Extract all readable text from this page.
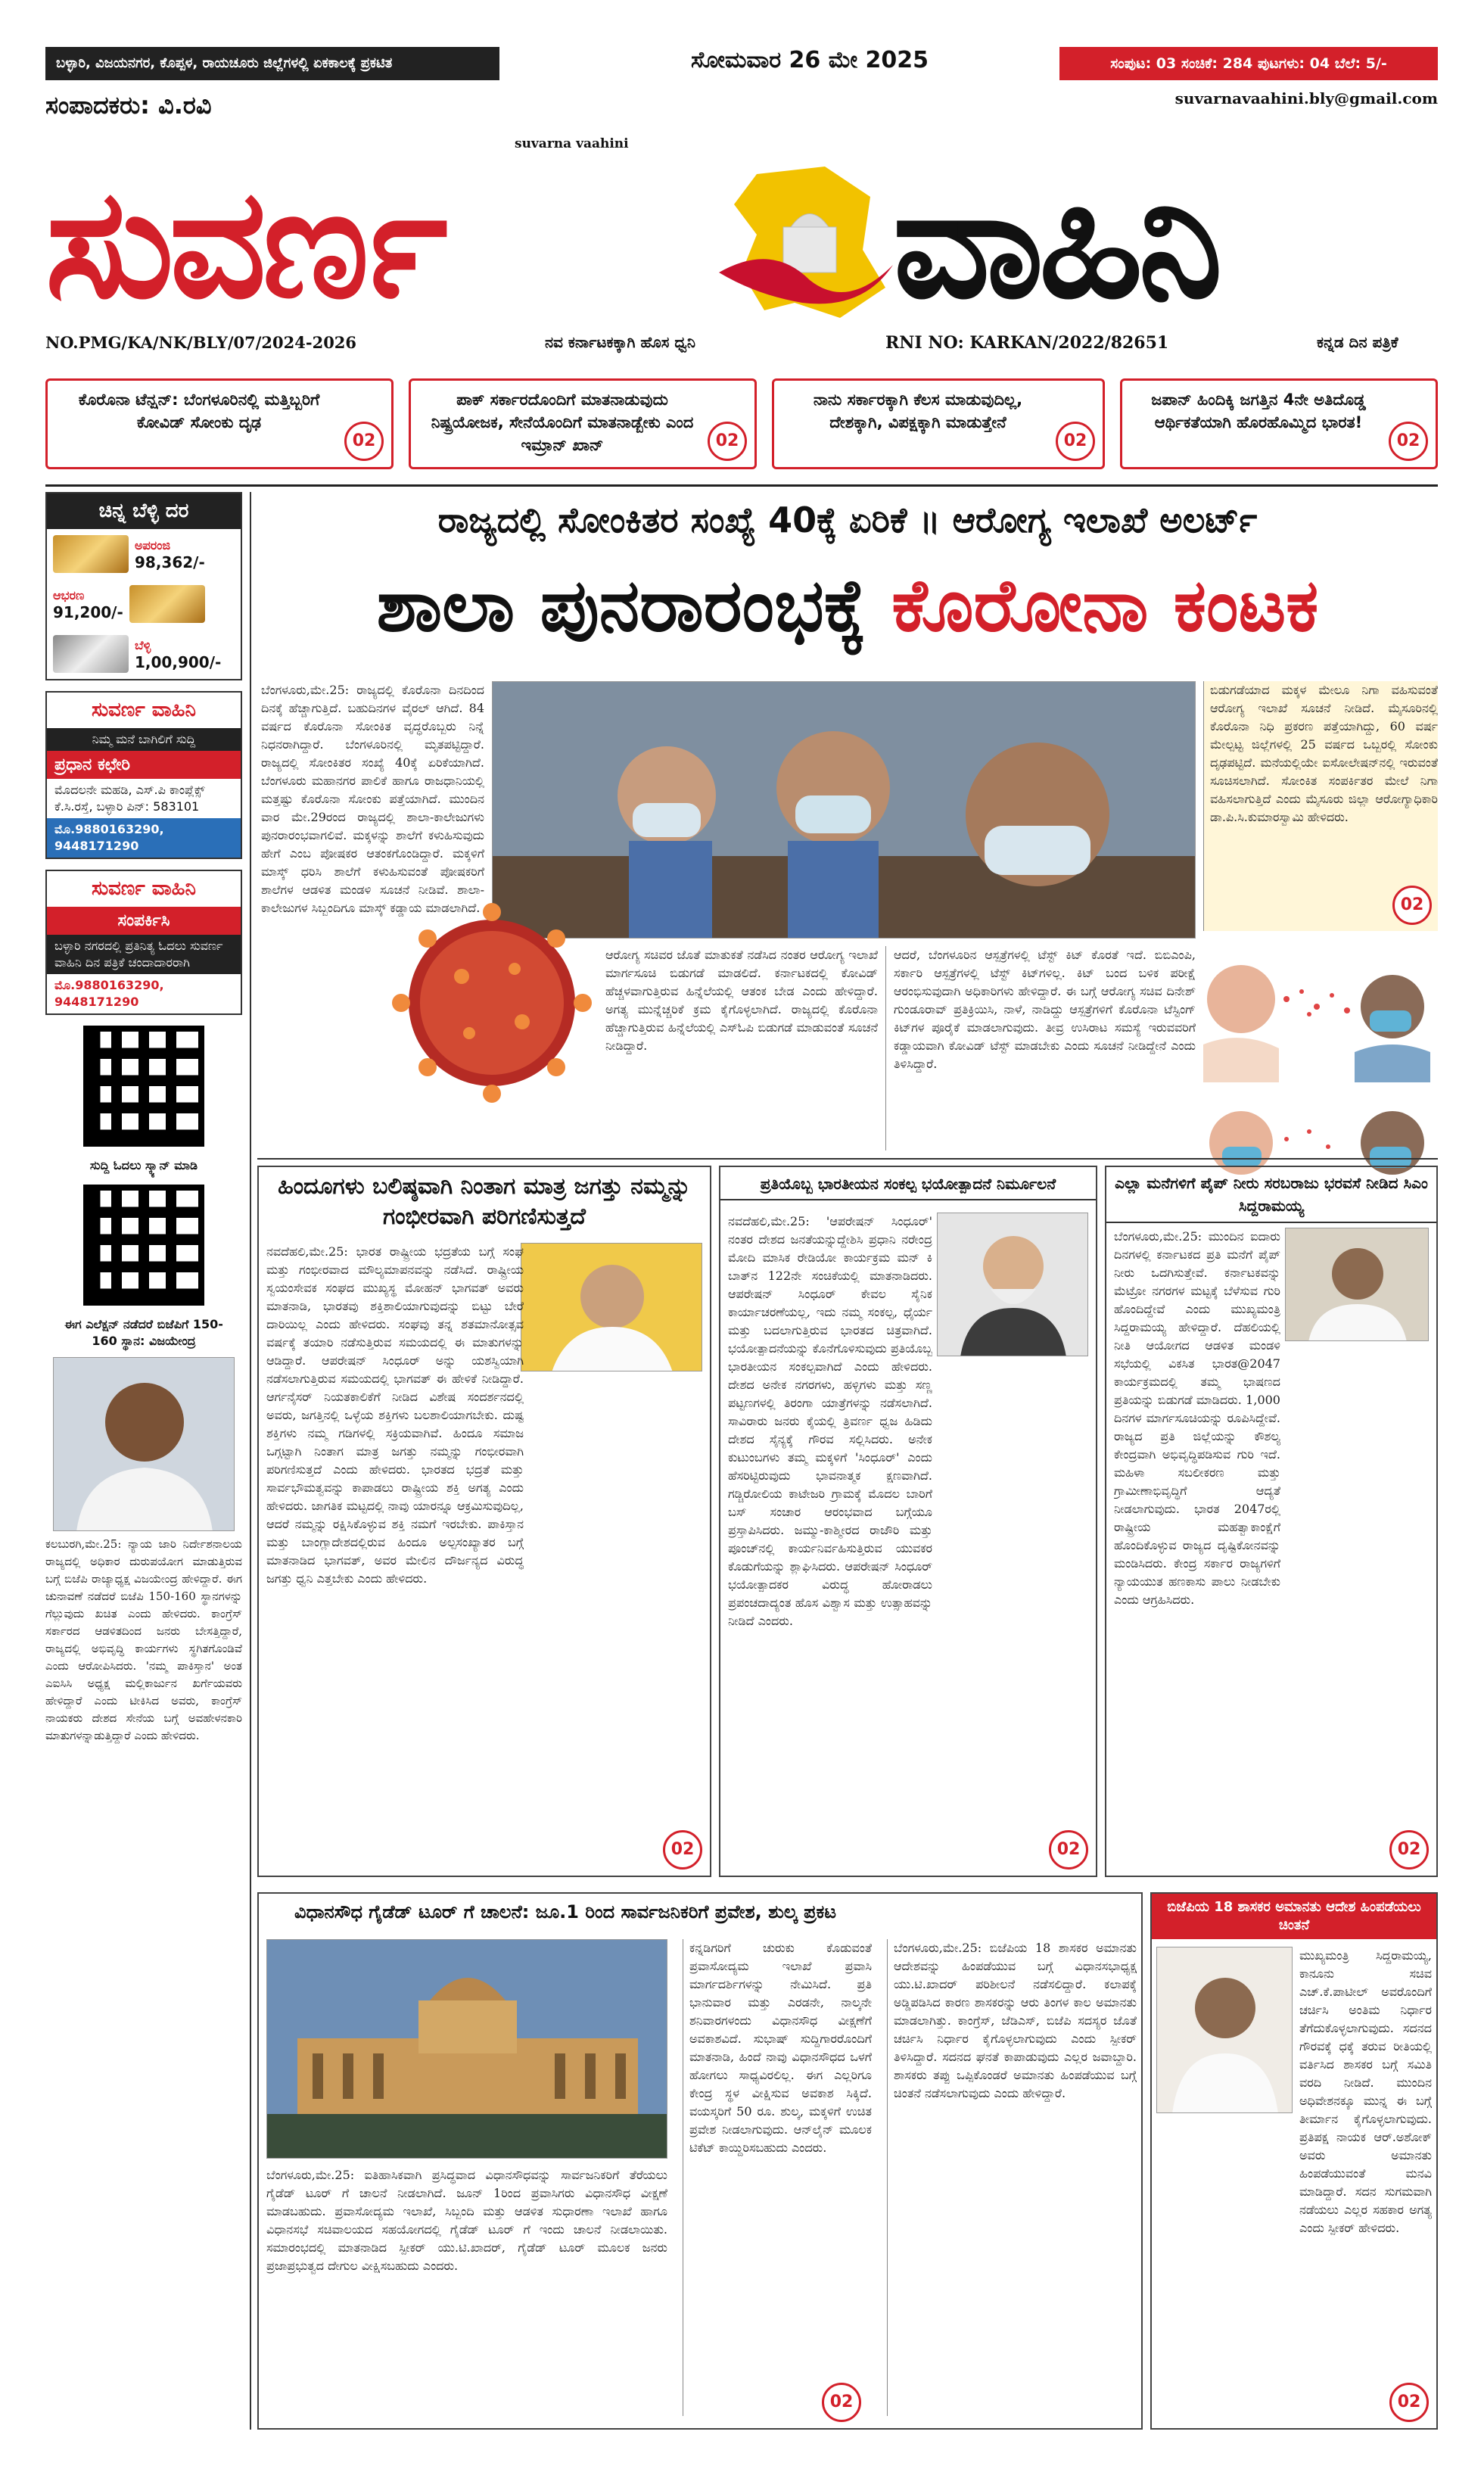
ಬಳ್ಳಾರಿ, ವಿಜಯನಗರ, ಕೊಪ್ಪಳ, ರಾಯಚೂರು ಜಿಲ್ಲೆಗಳಲ್ಲಿ ಏಕಕಾಲಕ್ಕೆ ಪ್ರಕಟಿತ	ಸೋಮವಾರ 26 ಮೇ 2025	ಸಂಪುಟ: 03 ಸಂಚಿಕೆ: 284 ಪುಟಗಳು: 04 ಬೆಲೆ: 5/-
suvarnavaahini.bly@gmail.com
ಸಂಪಾದಕರು: ವಿ.ರವಿ
suvarna vaahini
ಸುವರ್ಣ	ವಾಹಿನಿ
NO.PMG/KA/NK/BLY/07/2024-2026	ನವ ಕರ್ನಾಟಕಕ್ಕಾಗಿ ಹೊಸ ಧ್ವನಿ	RNI NO: KARKAN/2022/82651	ಕನ್ನಡ ದಿನ ಪತ್ರಿಕೆ
ಕೊರೊನಾ ಟೆನ್ಷನ್: ಬೆಂಗಳೂರಿನಲ್ಲಿ ಮತ್ತಿಬ್ಬರಿಗೆ ಕೋವಿಡ್ ಸೋಂಕು ದೃಢ
02
ಪಾಕ್ ಸರ್ಕಾರದೊಂದಿಗೆ ಮಾತನಾಡುವುದು ನಿಷ್ಪ್ರಯೋಜಕ, ಸೇನೆಯೊಂದಿಗೆ ಮಾತನಾಡ್ಬೇಕು ಎಂದ ಇಮ್ರಾನ್ ಖಾನ್	02
ನಾನು ಸರ್ಕಾರಕ್ಕಾಗಿ ಕೆಲಸ ಮಾಡುವುದಿಲ್ಲ, ದೇಶಕ್ಕಾಗಿ, ವಿಪಕ್ಷಕ್ಕಾಗಿ ಮಾಡುತ್ತೇನೆ
02
ಜಪಾನ್ ಹಿಂದಿಕ್ಕಿ ಜಗತ್ತಿನ 4ನೇ ಅತಿದೊಡ್ಡ ಆರ್ಥಿಕತೆಯಾಗಿ ಹೊರಹೊಮ್ಮಿದ ಭಾರತ!
02
ಚಿನ್ನ ಬೆಳ್ಳಿ ದರ
ಅಪರಂಜಿ
98,362/-
ಆಭರಣ
91,200/-
ಬೆಳ್ಳಿ
1,00,900/-
ಸುವರ್ಣ ವಾಹಿನಿ
ನಿಮ್ಮ ಮನೆ ಬಾಗಿಲಿಗೆ ಸುದ್ದಿ
ಪ್ರಧಾನ ಕಛೇರಿ
ಮೊದಲನೇ ಮಹಡಿ, ಎಸ್.ಪಿ ಕಾಂಪ್ಲೆಕ್ಸ್ ಕೆ.ಸಿ.ರಸ್ತೆ, ಬಳ್ಳಾರಿ ಪಿನ್: 583101
ಮೊ.9880163290, 9448171290
ಸುವರ್ಣ ವಾಹಿನಿ
ಸಂಪರ್ಕಿಸಿ
ಬಳ್ಳಾರಿ ನಗರದಲ್ಲಿ ಪ್ರತಿನಿತ್ಯ ಓದಲು ಸುವರ್ಣ ವಾಹಿನಿ ದಿನ ಪತ್ರಿಕೆ ಚಂದಾದಾರರಾಗಿ
ಮೊ.9880163290, 9448171290
ಸುದ್ದಿ ಓದಲು ಸ್ಕ್ಯಾನ್ ಮಾಡಿ
ಈಗ ಎಲೆಕ್ಷನ್ ನಡೆದರೆ ಬಿಜೆಪಿಗೆ 150-160 ಸ್ಥಾನ: ವಿಜಯೇಂದ್ರ
ಕಲಬುರಗಿ,ಮೇ.25: ನ್ಯಾಯ ಜಾರಿ ನಿರ್ದೇಶನಾಲಯ ರಾಜ್ಯದಲ್ಲಿ ಅಧಿಕಾರ ದುರುಪಯೋಗ ಮಾಡುತ್ತಿರುವ ಬಗ್ಗೆ ಬಿಜೆಪಿ ರಾಜ್ಯಾಧ್ಯಕ್ಷ ವಿಜಯೇಂದ್ರ ಹೇಳಿದ್ದಾರೆ. ಈಗ ಚುನಾವಣೆ ನಡೆದರೆ ಬಿಜೆಪಿ 150-160 ಸ್ಥಾನಗಳನ್ನು ಗೆಲ್ಲುವುದು ಖಚಿತ ಎಂದು ಹೇಳಿದರು. ಕಾಂಗ್ರೆಸ್ ಸರ್ಕಾರದ ಆಡಳಿತದಿಂದ ಜನರು ಬೇಸತ್ತಿದ್ದಾರೆ, ರಾಜ್ಯದಲ್ಲಿ ಅಭಿವೃದ್ಧಿ ಕಾರ್ಯಗಳು ಸ್ಥಗಿತಗೊಂಡಿವೆ ಎಂದು ಆರೋಪಿಸಿದರು. 'ನಮ್ಮ ಪಾಕಿಸ್ತಾನ' ಅಂತ ಎಐಸಿಸಿ ಅಧ್ಯಕ್ಷ ಮಲ್ಲಿಕಾರ್ಜುನ ಖರ್ಗೆಯವರು ಹೇಳಿದ್ದಾರೆ ಎಂದು ಟೀಕಿಸಿದ ಅವರು, ಕಾಂಗ್ರೆಸ್ ನಾಯಕರು ದೇಶದ ಸೇನೆಯ ಬಗ್ಗೆ ಅವಹೇಳನಕಾರಿ ಮಾತುಗಳನ್ನಾಡುತ್ತಿದ್ದಾರೆ ಎಂದು ಹೇಳಿದರು.
ರಾಜ್ಯದಲ್ಲಿ ಸೋಂಕಿತರ ಸಂಖ್ಯೆ 40ಕ್ಕೆ ಏರಿಕೆ ॥ ಆರೋಗ್ಯ ಇಲಾಖೆ ಅಲರ್ಟ್
ಶಾಲಾ ಪುನರಾರಂಭಕ್ಕೆ ಕೊರೋನಾ ಕಂಟಕ
ಬೆಂಗಳೂರು,ಮೇ.25: ರಾಜ್ಯದಲ್ಲಿ ಕೊರೊನಾ ದಿನದಿಂದ ದಿನಕ್ಕೆ ಹೆಚ್ಚಾಗುತ್ತಿದೆ. ಬಹುದಿನಗಳ ವೈರಲ್ ಆಗಿದೆ. 84 ವರ್ಷದ ಕೊರೊನಾ ಸೋಂಕಿತ ವೃದ್ಧರೊಬ್ಬರು ನಿನ್ನೆ ನಿಧನರಾಗಿದ್ದಾರೆ. ಬೆಂಗಳೂರಿನಲ್ಲಿ ಮೃತಪಟ್ಟಿದ್ದಾರೆ. ರಾಜ್ಯದಲ್ಲಿ ಸೋಂಕಿತರ ಸಂಖ್ಯೆ 40ಕ್ಕೆ ಏರಿಕೆಯಾಗಿದೆ. ಬೆಂಗಳೂರು ಮಹಾನಗರ ಪಾಲಿಕೆ ಹಾಗೂ ರಾಜಧಾನಿಯಲ್ಲಿ ಮತ್ತಷ್ಟು ಕೊರೊನಾ ಸೋಂಕು ಪತ್ತೆಯಾಗಿದೆ. ಮುಂದಿನ ವಾರ ಮೇ.29ರಂದ ರಾಜ್ಯದಲ್ಲಿ ಶಾಲಾ-ಕಾಲೇಜುಗಳು ಪುನರಾರಂಭವಾಗಲಿವೆ. ಮಕ್ಕಳನ್ನು ಶಾಲೆಗೆ ಕಳುಹಿಸುವುದು ಹೇಗೆ ಎಂಬ ಪೋಷಕರ ಆತಂಕಗೊಂಡಿದ್ದಾರೆ. ಮಕ್ಕಳಿಗೆ ಮಾಸ್ಕ್ ಧರಿಸಿ ಶಾಲೆಗೆ ಕಳುಹಿಸುವಂತೆ ಪೋಷಕರಿಗೆ ಶಾಲೆಗಳ ಆಡಳಿತ ಮಂಡಳಿ ಸೂಚನೆ ನೀಡಿವೆ. ಶಾಲಾ-ಕಾಲೇಜುಗಳ ಸಿಬ್ಬಂದಿಗೂ ಮಾಸ್ಕ್ ಕಡ್ಡಾಯ ಮಾಡಲಾಗಿದೆ.
ಆರೋಗ್ಯ ಸಚಿವರ ಜೊತೆ ಮಾತುಕತೆ ನಡೆಸಿದ ನಂತರ ಆರೋಗ್ಯ ಇಲಾಖೆ ಮಾರ್ಗಸೂಚಿ ಬಿಡುಗಡೆ ಮಾಡಲಿದೆ. ಕರ್ನಾಟಕದಲ್ಲಿ ಕೋವಿಡ್ ಹೆಚ್ಚಳವಾಗುತ್ತಿರುವ ಹಿನ್ನೆಲೆಯಲ್ಲಿ ಆತಂಕ ಬೇಡ ಎಂದು ಹೇಳಿದ್ದಾರೆ. ಅಗತ್ಯ ಮುನ್ನೆಚ್ಚರಿಕೆ ಕ್ರಮ ಕೈಗೊಳ್ಳಲಾಗಿದೆ. ರಾಜ್ಯದಲ್ಲಿ ಕೊರೊನಾ ಹೆಚ್ಚಾಗುತ್ತಿರುವ ಹಿನ್ನೆಲೆಯಲ್ಲಿ ಎಸ್ಓಪಿ ಬಿಡುಗಡೆ ಮಾಡುವಂತೆ ಸೂಚನೆ ನೀಡಿದ್ದಾರೆ.
ಆದರೆ, ಬೆಂಗಳೂರಿನ ಆಸ್ಪತ್ರೆಗಳಲ್ಲಿ ಟೆಸ್ಟ್ ಕಿಟ್ ಕೊರತೆ ಇದೆ. ಬಿಬಿಎಂಪಿ, ಸರ್ಕಾರಿ ಆಸ್ಪತ್ರೆಗಳಲ್ಲಿ ಟೆಸ್ಟ್ ಕಿಟ್‌ಗಳಿಲ್ಲ. ಕಿಟ್ ಬಂದ ಬಳಿಕ ಪರೀಕ್ಷೆ ಆರಂಭಿಸುವುದಾಗಿ ಅಧಿಕಾರಿಗಳು ಹೇಳಿದ್ದಾರೆ. ಈ ಬಗ್ಗೆ ಆರೋಗ್ಯ ಸಚಿವ ದಿನೇಶ್ ಗುಂಡೂರಾವ್ ಪ್ರತಿಕ್ರಿಯಿಸಿ, ನಾಳೆ, ನಾಡಿದ್ದು ಆಸ್ಪತ್ರೆಗಳಿಗೆ ಕೊರೊನಾ ಟೆಸ್ಟಿಂಗ್ ಕಿಟ್‌ಗಳ ಪೂರೈಕೆ ಮಾಡಲಾಗುವುದು. ತೀವ್ರ ಉಸಿರಾಟ ಸಮಸ್ಯೆ ಇರುವವರಿಗೆ ಕಡ್ಡಾಯವಾಗಿ ಕೋವಿಡ್ ಟೆಸ್ಟ್ ಮಾಡಬೇಕು ಎಂದು ಸೂಚನೆ ನೀಡಿದ್ದೇನೆ ಎಂದು ತಿಳಿಸಿದ್ದಾರೆ.
ಬಿಡುಗಡೆಯಾದ ಮಕ್ಕಳ ಮೇಲೂ ನಿಗಾ ವಹಿಸುವಂತೆ ಆರೋಗ್ಯ ಇಲಾಖೆ ಸೂಚನೆ ನೀಡಿದೆ. ಮೈಸೂರಿನಲ್ಲಿ ಕೊರೊನಾ ನಿಧಿ ಪ್ರಕರಣ ಪತ್ತೆಯಾಗಿದ್ದು, 60 ವರ್ಷ ಮೇಲ್ಪಟ್ಟ ಜಿಲ್ಲೆಗಳಲ್ಲಿ 25 ವರ್ಷದ ಒಬ್ಬರಲ್ಲಿ ಸೋಂಕು ದೃಢಪಟ್ಟಿದೆ. ಮನೆಯಲ್ಲಿಯೇ ಐಸೋಲೇಷನ್‌ನಲ್ಲಿ ಇರುವಂತೆ ಸೂಚಿಸಲಾಗಿದೆ. ಸೋಂಕಿತ ಸಂಪರ್ಕಿತರ ಮೇಲೆ ನಿಗಾ ವಹಿಸಲಾಗುತ್ತಿದೆ ಎಂದು ಮೈಸೂರು ಜಿಲ್ಲಾ ಆರೋಗ್ಯಾಧಿಕಾರಿ ಡಾ.ಪಿ.ಸಿ.ಕುಮಾರಸ್ವಾಮಿ ಹೇಳಿದರು.
02
ಹಿಂದೂಗಳು ಬಲಿಷ್ಠವಾಗಿ ನಿಂತಾಗ ಮಾತ್ರ ಜಗತ್ತು ನಮ್ಮನ್ನು ಗಂಭೀರವಾಗಿ ಪರಿಗಣಿಸುತ್ತದೆ
ನವದೆಹಲಿ,ಮೇ.25: ಭಾರತ ರಾಷ್ಟ್ರೀಯ ಭದ್ರತೆಯ ಬಗ್ಗೆ ಸಂಘ ಮತ್ತು ಗಂಭೀರವಾದ ಮೌಲ್ಯಮಾಪನವನ್ನು ನಡೆಸಿದೆ. ರಾಷ್ಟ್ರೀಯ ಸ್ವಯಂಸೇವಕ ಸಂಘದ ಮುಖ್ಯಸ್ಥ ಮೋಹನ್ ಭಾಗವತ್ ಅವರು ಮಾತನಾಡಿ, ಭಾರತವು ಶಕ್ತಿಶಾಲಿಯಾಗುವುದನ್ನು ಬಿಟ್ಟು ಬೇರೆ ದಾರಿಯಿಲ್ಲ ಎಂದು ಹೇಳಿದರು. ಸಂಘವು ತನ್ನ ಶತಮಾನೋತ್ಸವ ವರ್ಷಕ್ಕೆ ತಯಾರಿ ನಡೆಸುತ್ತಿರುವ ಸಮಯದಲ್ಲಿ ಈ ಮಾತುಗಳನ್ನು ಆಡಿದ್ದಾರೆ. ಆಪರೇಷನ್ ಸಿಂಧೂರ್ ಅನ್ನು ಯಶಸ್ವಿಯಾಗಿ ನಡೆಸಲಾಗುತ್ತಿರುವ ಸಮಯದಲ್ಲಿ ಭಾಗವತ್ ಈ ಹೇಳಿಕೆ ನೀಡಿದ್ದಾರೆ. ಆರ್ಗನೈಸರ್ ನಿಯತಕಾಲಿಕೆಗೆ ನೀಡಿದ ವಿಶೇಷ ಸಂದರ್ಶನದಲ್ಲಿ ಅವರು, ಜಗತ್ತಿನಲ್ಲಿ ಒಳ್ಳೆಯ ಶಕ್ತಿಗಳು ಬಲಶಾಲಿಯಾಗಬೇಕು. ದುಷ್ಟ ಶಕ್ತಿಗಳು ನಮ್ಮ ಗಡಿಗಳಲ್ಲಿ ಸಕ್ರಿಯವಾಗಿವೆ. ಹಿಂದೂ ಸಮಾಜ ಒಗ್ಗಟ್ಟಾಗಿ ನಿಂತಾಗ ಮಾತ್ರ ಜಗತ್ತು ನಮ್ಮನ್ನು ಗಂಭೀರವಾಗಿ ಪರಿಗಣಿಸುತ್ತದೆ ಎಂದು ಹೇಳಿದರು. ಭಾರತದ ಭದ್ರತೆ ಮತ್ತು ಸಾರ್ವಭೌಮತ್ವವನ್ನು ಕಾಪಾಡಲು ರಾಷ್ಟ್ರೀಯ ಶಕ್ತಿ ಅಗತ್ಯ ಎಂದು ಹೇಳಿದರು. ಜಾಗತಿಕ ಮಟ್ಟದಲ್ಲಿ ನಾವು ಯಾರನ್ನೂ ಆಕ್ರಮಿಸುವುದಿಲ್ಲ, ಆದರೆ ನಮ್ಮನ್ನು ರಕ್ಷಿಸಿಕೊಳ್ಳುವ ಶಕ್ತಿ ನಮಗೆ ಇರಬೇಕು. ಪಾಕಿಸ್ತಾನ ಮತ್ತು ಬಾಂಗ್ಲಾದೇಶದಲ್ಲಿರುವ ಹಿಂದೂ ಅಲ್ಪಸಂಖ್ಯಾತರ ಬಗ್ಗೆ ಮಾತನಾಡಿದ ಭಾಗವತ್, ಅವರ ಮೇಲಿನ ದೌರ್ಜನ್ಯದ ವಿರುದ್ಧ ಜಗತ್ತು ಧ್ವನಿ ಎತ್ತಬೇಕು ಎಂದು ಹೇಳಿದರು.
02
ಪ್ರತಿಯೊಬ್ಬ ಭಾರತೀಯನ ಸಂಕಲ್ಪ ಭಯೋತ್ಪಾದನೆ ನಿರ್ಮೂಲನೆ
ನವದೆಹಲಿ,ಮೇ.25: 'ಆಪರೇಷನ್ ಸಿಂಧೂರ್' ನಂತರ ದೇಶದ ಜನತೆಯನ್ನುದ್ದೇಶಿಸಿ ಪ್ರಧಾನಿ ನರೇಂದ್ರ ಮೋದಿ ಮಾಸಿಕ ರೇಡಿಯೋ ಕಾರ್ಯಕ್ರಮ ಮನ್ ಕಿ ಬಾತ್‌ನ 122ನೇ ಸಂಚಿಕೆಯಲ್ಲಿ ಮಾತನಾಡಿದರು. ಆಪರೇಷನ್ ಸಿಂಧೂರ್ ಕೇವಲ ಸೈನಿಕ ಕಾರ್ಯಾಚರಣೆಯಲ್ಲ, ಇದು ನಮ್ಮ ಸಂಕಲ್ಪ, ಧೈರ್ಯ ಮತ್ತು ಬದಲಾಗುತ್ತಿರುವ ಭಾರತದ ಚಿತ್ರವಾಗಿದೆ. ಭಯೋತ್ಪಾದನೆಯನ್ನು ಕೊನೆಗೊಳಿಸುವುದು ಪ್ರತಿಯೊಬ್ಬ ಭಾರತೀಯನ ಸಂಕಲ್ಪವಾಗಿದೆ ಎಂದು ಹೇಳಿದರು. ದೇಶದ ಅನೇಕ ನಗರಗಳು, ಹಳ್ಳಿಗಳು ಮತ್ತು ಸಣ್ಣ ಪಟ್ಟಣಗಳಲ್ಲಿ ತಿರಂಗಾ ಯಾತ್ರೆಗಳನ್ನು ನಡೆಸಲಾಗಿದೆ. ಸಾವಿರಾರು ಜನರು ಕೈಯಲ್ಲಿ ತ್ರಿವರ್ಣ ಧ್ವಜ ಹಿಡಿದು ದೇಶದ ಸೈನ್ಯಕ್ಕೆ ಗೌರವ ಸಲ್ಲಿಸಿದರು. ಅನೇಕ ಕುಟುಂಬಗಳು ತಮ್ಮ ಮಕ್ಕಳಿಗೆ 'ಸಿಂಧೂರ್' ಎಂದು ಹೆಸರಿಟ್ಟಿರುವುದು ಭಾವನಾತ್ಮಕ ಕ್ಷಣವಾಗಿದೆ. ಗಡ್ಚಿರೋಲಿಯ ಕಾಟೇಜರಿ ಗ್ರಾಮಕ್ಕೆ ಮೊದಲ ಬಾರಿಗೆ ಬಸ್ ಸಂಚಾರ ಆರಂಭವಾದ ಬಗ್ಗೆಯೂ ಪ್ರಸ್ತಾಪಿಸಿದರು. ಜಮ್ಮು-ಕಾಶ್ಮೀರದ ರಾಜೌರಿ ಮತ್ತು ಪೂಂಚ್‌ನಲ್ಲಿ ಕಾರ್ಯನಿರ್ವಹಿಸುತ್ತಿರುವ ಯುವಕರ ಕೊಡುಗೆಯನ್ನು ಶ್ಲಾಘಿಸಿದರು. ಆಪರೇಷನ್ ಸಿಂಧೂರ್ ಭಯೋತ್ಪಾದಕರ ವಿರುದ್ಧ ಹೋರಾಡಲು ಪ್ರಪಂಚದಾದ್ಯಂತ ಹೊಸ ವಿಶ್ವಾಸ ಮತ್ತು ಉತ್ಸಾಹವನ್ನು ನೀಡಿದೆ ಎಂದರು.
02
ಎಲ್ಲಾ ಮನೆಗಳಿಗೆ ಪೈಪ್ ನೀರು ಸರಬರಾಜು ಭರವಸೆ ನೀಡಿದ ಸಿಎಂ ಸಿದ್ದರಾಮಯ್ಯ
ಬೆಂಗಳೂರು,ಮೇ.25: ಮುಂದಿನ ಐದಾರು ದಿನಗಳಲ್ಲಿ ಕರ್ನಾಟಕದ ಪ್ರತಿ ಮನೆಗೆ ಪೈಪ್ ನೀರು ಒದಗಿಸುತ್ತೇವೆ. ಕರ್ನಾಟಕವನ್ನು ಮೆಟ್ರೋ ನಗರಗಳ ಮಟ್ಟಕ್ಕೆ ಬೆಳೆಸುವ ಗುರಿ ಹೊಂದಿದ್ದೇವೆ ಎಂದು ಮುಖ್ಯಮಂತ್ರಿ ಸಿದ್ದರಾಮಯ್ಯ ಹೇಳಿದ್ದಾರೆ. ದೆಹಲಿಯಲ್ಲಿ ನೀತಿ ಆಯೋಗದ ಆಡಳಿತ ಮಂಡಳಿ ಸಭೆಯಲ್ಲಿ ವಿಕಸಿತ ಭಾರತ@2047 ಕಾರ್ಯಕ್ರಮದಲ್ಲಿ ತಮ್ಮ ಭಾಷಣದ ಪ್ರತಿಯನ್ನು ಬಿಡುಗಡೆ ಮಾಡಿದರು. 1,000 ದಿನಗಳ ಮಾರ್ಗಸೂಚಿಯನ್ನು ರೂಪಿಸಿದ್ದೇವೆ. ರಾಜ್ಯದ ಪ್ರತಿ ಜಿಲ್ಲೆಯನ್ನು ಕೌಶಲ್ಯ ಕೇಂದ್ರವಾಗಿ ಅಭಿವೃದ್ಧಿಪಡಿಸುವ ಗುರಿ ಇದೆ. ಮಹಿಳಾ ಸಬಲೀಕರಣ ಮತ್ತು ಗ್ರಾಮೀಣಾಭಿವೃದ್ಧಿಗೆ ಆದ್ಯತೆ ನೀಡಲಾಗುವುದು. ಭಾರತ 2047ರಲ್ಲಿ ರಾಷ್ಟ್ರೀಯ ಮಹತ್ವಾಕಾಂಕ್ಷೆಗೆ ಹೊಂದಿಕೊಳ್ಳುವ ರಾಜ್ಯದ ದೃಷ್ಟಿಕೋನವನ್ನು ಮಂಡಿಸಿದರು. ಕೇಂದ್ರ ಸರ್ಕಾರ ರಾಜ್ಯಗಳಿಗೆ ನ್ಯಾಯಯುತ ಹಣಕಾಸು ಪಾಲು ನೀಡಬೇಕು ಎಂದು ಆಗ್ರಹಿಸಿದರು.
02
ವಿಧಾನಸೌಧ ಗೈಡೆಡ್ ಟೂರ್ ಗೆ ಚಾಲನೆ: ಜೂ.1 ರಿಂದ ಸಾರ್ವಜನಿಕರಿಗೆ ಪ್ರವೇಶ, ಶುಲ್ಕ ಪ್ರಕಟ
ಬೆಂಗಳೂರು,ಮೇ.25: ಐತಿಹಾಸಿಕವಾಗಿ ಪ್ರಸಿದ್ಧವಾದ ವಿಧಾನಸೌಧವನ್ನು ಸಾರ್ವಜನಿಕರಿಗೆ ತೆರೆಯಲು ಗೈಡೆಡ್ ಟೂರ್ ಗೆ ಚಾಲನೆ ನೀಡಲಾಗಿದೆ. ಜೂನ್ 1ರಿಂದ ಪ್ರವಾಸಿಗರು ವಿಧಾನಸೌಧ ವೀಕ್ಷಣೆ ಮಾಡಬಹುದು. ಪ್ರವಾಸೋದ್ಯಮ ಇಲಾಖೆ, ಸಿಬ್ಬಂದಿ ಮತ್ತು ಆಡಳಿತ ಸುಧಾರಣಾ ಇಲಾಖೆ ಹಾಗೂ ವಿಧಾನಸಭೆ ಸಚಿವಾಲಯದ ಸಹಯೋಗದಲ್ಲಿ ಗೈಡೆಡ್ ಟೂರ್ ಗೆ ಇಂದು ಚಾಲನೆ ನೀಡಲಾಯಿತು. ಸಮಾರಂಭದಲ್ಲಿ ಮಾತನಾಡಿದ ಸ್ಪೀಕರ್ ಯು.ಟಿ.ಖಾದರ್, ಗೈಡೆಡ್ ಟೂರ್ ಮೂಲಕ ಜನರು ಪ್ರಜಾಪ್ರಭುತ್ವದ ದೇಗುಲ ವೀಕ್ಷಿಸಬಹುದು ಎಂದರು.
ಕನ್ನಡಿಗರಿಗೆ ಚುರುಕು ಕೊಡುವಂತೆ ಪ್ರವಾಸೋದ್ಯಮ ಇಲಾಖೆ ಪ್ರವಾಸಿ ಮಾರ್ಗದರ್ಶಿಗಳನ್ನು ನೇಮಿಸಿದೆ. ಪ್ರತಿ ಭಾನುವಾರ ಮತ್ತು ಎರಡನೇ, ನಾಲ್ಕನೇ ಶನಿವಾರಗಳಂದು ವಿಧಾನಸೌಧ ವೀಕ್ಷಣೆಗೆ ಅವಕಾಶವಿದೆ. ಸುಭಾಷ್ ಸುದ್ದಿಗಾರರೊಂದಿಗೆ ಮಾತನಾಡಿ, ಹಿಂದೆ ನಾವು ವಿಧಾನಸೌಧದ ಒಳಗೆ ಹೋಗಲು ಸಾಧ್ಯವಿರಲಿಲ್ಲ. ಈಗ ಎಲ್ಲರಿಗೂ ಕೇಂದ್ರ ಸ್ಥಳ ವೀಕ್ಷಿಸುವ ಅವಕಾಶ ಸಿಕ್ಕಿದೆ. ವಯಸ್ಕರಿಗೆ 50 ರೂ. ಶುಲ್ಕ, ಮಕ್ಕಳಿಗೆ ಉಚಿತ ಪ್ರವೇಶ ನೀಡಲಾಗುವುದು. ಆನ್‌ಲೈನ್ ಮೂಲಕ ಟಿಕೆಟ್ ಕಾಯ್ದಿರಿಸಬಹುದು ಎಂದರು.
ಬೆಂಗಳೂರು,ಮೇ.25: ಬಿಜೆಪಿಯ 18 ಶಾಸಕರ ಅಮಾನತು ಆದೇಶವನ್ನು ಹಿಂಪಡೆಯುವ ಬಗ್ಗೆ ವಿಧಾನಸಭಾಧ್ಯಕ್ಷ ಯು.ಟಿ.ಖಾದರ್ ಪರಿಶೀಲನೆ ನಡೆಸಲಿದ್ದಾರೆ. ಕಲಾಪಕ್ಕೆ ಅಡ್ಡಿಪಡಿಸಿದ ಕಾರಣ ಶಾಸಕರನ್ನು ಆರು ತಿಂಗಳ ಕಾಲ ಅಮಾನತು ಮಾಡಲಾಗಿತ್ತು. ಕಾಂಗ್ರೆಸ್, ಜೆಡಿಎಸ್, ಬಿಜೆಪಿ ಸದಸ್ಯರ ಜೊತೆ ಚರ್ಚಿಸಿ ನಿರ್ಧಾರ ಕೈಗೊಳ್ಳಲಾಗುವುದು ಎಂದು ಸ್ಪೀಕರ್ ತಿಳಿಸಿದ್ದಾರೆ. ಸದನದ ಘನತೆ ಕಾಪಾಡುವುದು ಎಲ್ಲರ ಜವಾಬ್ದಾರಿ. ಶಾಸಕರು ತಪ್ಪು ಒಪ್ಪಿಕೊಂಡರೆ ಅಮಾನತು ಹಿಂಪಡೆಯುವ ಬಗ್ಗೆ ಚಿಂತನೆ ನಡೆಸಲಾಗುವುದು ಎಂದು ಹೇಳಿದ್ದಾರೆ.
02
ಬಿಜೆಪಿಯ 18 ಶಾಸಕರ ಅಮಾನತು ಆದೇಶ ಹಿಂಪಡೆಯಲು ಚಿಂತನೆ
ಮುಖ್ಯಮಂತ್ರಿ ಸಿದ್ದರಾಮಯ್ಯ, ಕಾನೂನು ಸಚಿವ ಎಚ್.ಕೆ.ಪಾಟೀಲ್ ಅವರೊಂದಿಗೆ ಚರ್ಚಿಸಿ ಅಂತಿಮ ನಿರ್ಧಾರ ತೆಗೆದುಕೊಳ್ಳಲಾಗುವುದು. ಸದನದ ಗೌರವಕ್ಕೆ ಧಕ್ಕೆ ತರುವ ರೀತಿಯಲ್ಲಿ ವರ್ತಿಸಿದ ಶಾಸಕರ ಬಗ್ಗೆ ಸಮಿತಿ ವರದಿ ನೀಡಿದೆ. ಮುಂದಿನ ಅಧಿವೇಶನಕ್ಕೂ ಮುನ್ನ ಈ ಬಗ್ಗೆ ತೀರ್ಮಾನ ಕೈಗೊಳ್ಳಲಾಗುವುದು. ಪ್ರತಿಪಕ್ಷ ನಾಯಕ ಆರ್.ಅಶೋಕ್ ಅವರು ಅಮಾನತು ಹಿಂಪಡೆಯುವಂತೆ ಮನವಿ ಮಾಡಿದ್ದಾರೆ. ಸದನ ಸುಗಮವಾಗಿ ನಡೆಯಲು ಎಲ್ಲರ ಸಹಕಾರ ಅಗತ್ಯ ಎಂದು ಸ್ಪೀಕರ್ ಹೇಳಿದರು.
02
